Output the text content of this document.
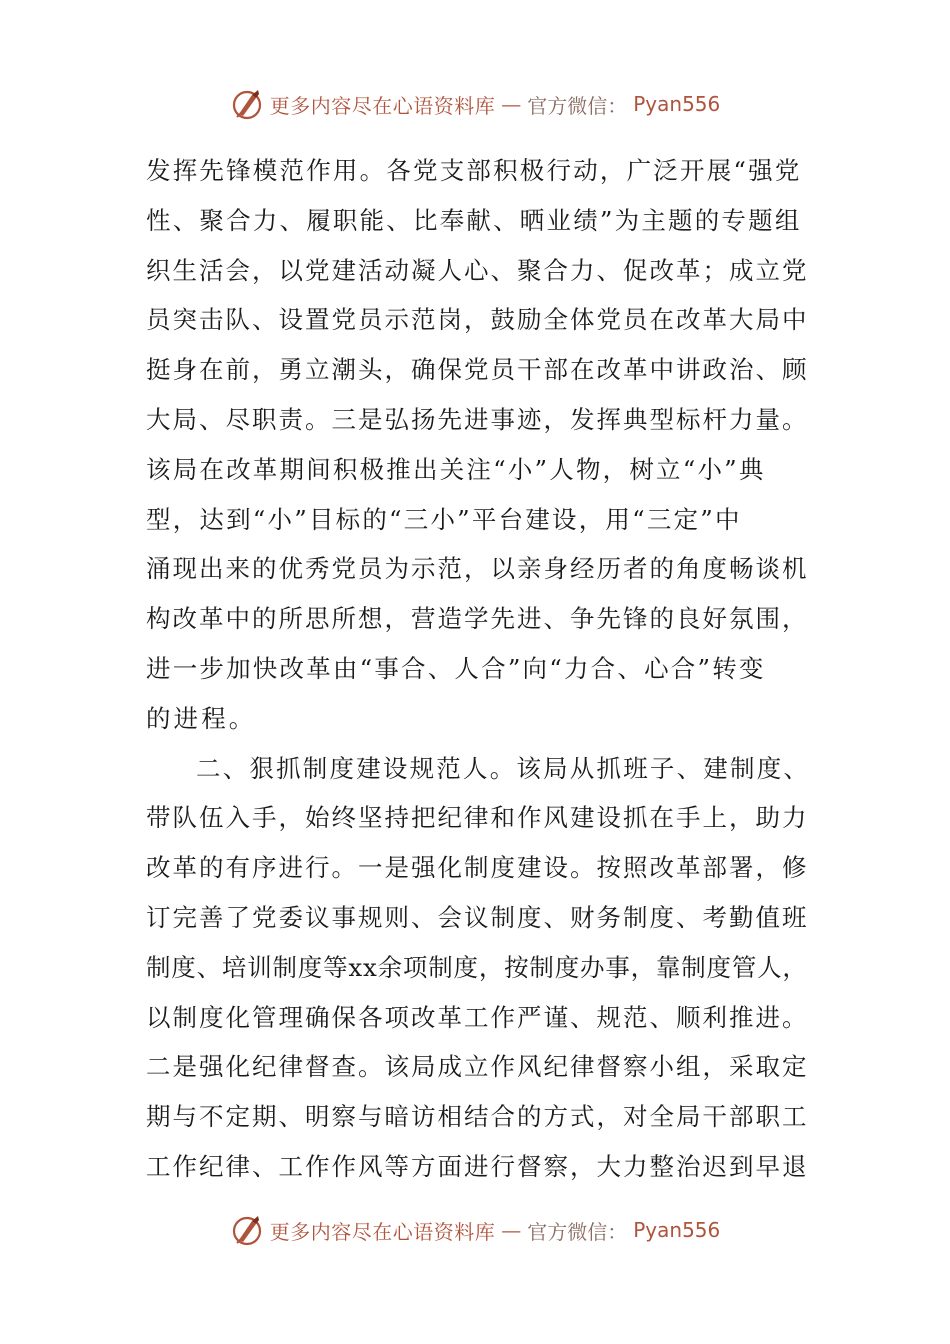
更多内容尽在心语资料库 — 官方微信： Pyan556
发挥先锋模范作用。各党支部积极行动，广泛开展“强党
性、聚合力、履职能、比奉献、晒业绩”为主题的专题组
织生活会，以党建活动凝人心、聚合力、促改革；成立党
员突击队、设置党员示范岗，鼓励全体党员在改革大局中
挺身在前，勇立潮头，确保党员干部在改革中讲政治、顾
大局、尽职责。三是弘扬先进事迹，发挥典型标杆力量。
该局在改革期间积极推出关注“小”人物，树立“小”典
型，达到“小”目标的“三小”平台建设，用“三定”中
涌现出来的优秀党员为示范，以亲身经历者的角度畅谈机
构改革中的所思所想，营造学先进、争先锋的良好氛围，
进一步加快改革由“事合、人合”向“力合、心合”转变
的进程。
二、狠抓制度建设规范人。该局从抓班子、建制度、
带队伍入手，始终坚持把纪律和作风建设抓在手上，助力
改革的有序进行。一是强化制度建设。按照改革部署，修
订完善了党委议事规则、会议制度、财务制度、考勤值班
制度、培训制度等xx余项制度，按制度办事，靠制度管人，
以制度化管理确保各项改革工作严谨、规范、顺利推进。
二是强化纪律督查。该局成立作风纪律督察小组，采取定
期与不定期、明察与暗访相结合的方式，对全局干部职工
工作纪律、工作作风等方面进行督察，大力整治迟到早退
更多内容尽在心语资料库 — 官方微信： Pyan556
